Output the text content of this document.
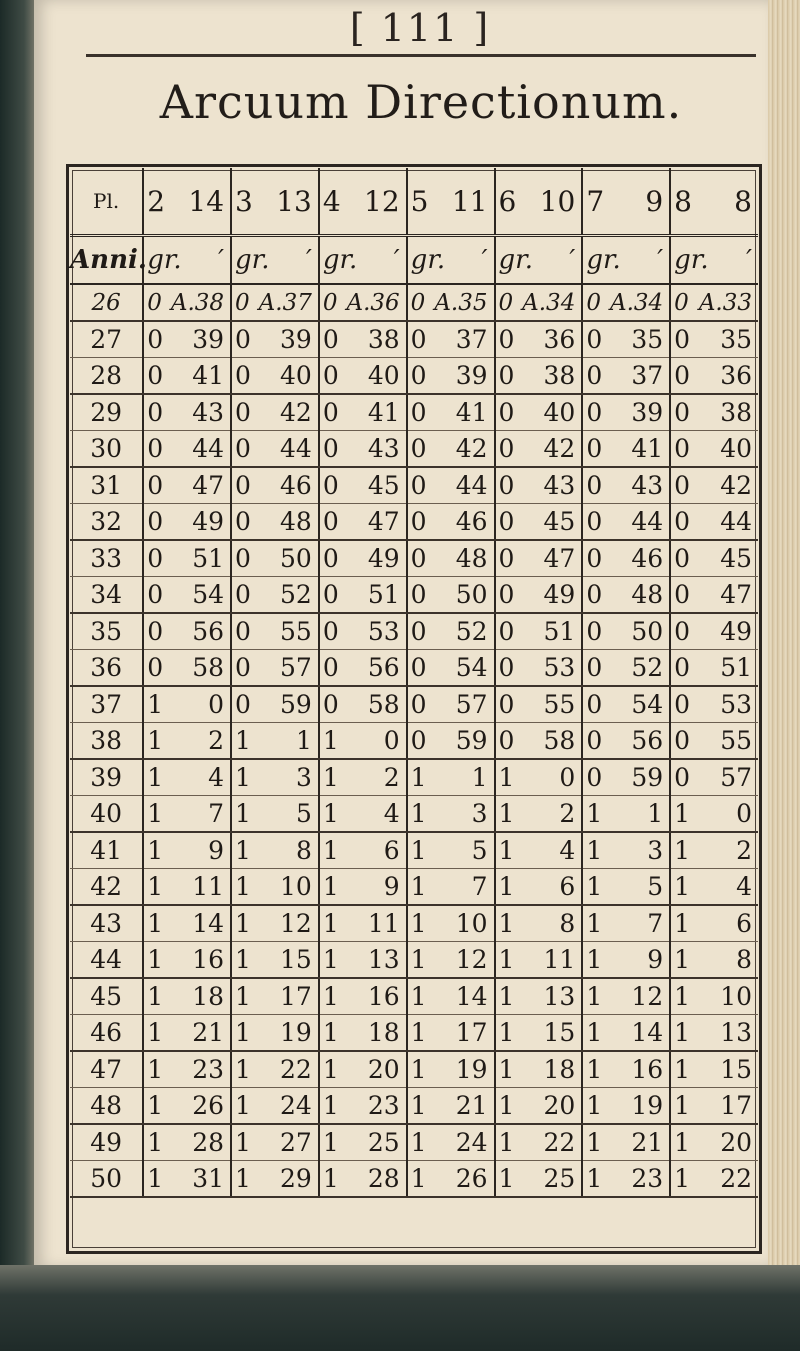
[ 111 ]
Arcuum Directionum.
Pl.	2	14	3	13	4	12	5	11	6	10	7	9	8	8
Anni.	gr.	′	gr.	′	gr.	′	gr.	′	gr.	′	gr.	′	gr.	′
26	0	A.38	0	A.37	0	A.36	0	A.35	0	A.34	0	A.34	0	A.33
27	0	39	0	39	0	38	0	37	0	36	0	35	0	35
28	0	41	0	40	0	40	0	39	0	38	0	37	0	36
29	0	43	0	42	0	41	0	41	0	40	0	39	0	38
30	0	44	0	44	0	43	0	42	0	42	0	41	0	40
31	0	47	0	46	0	45	0	44	0	43	0	43	0	42
32	0	49	0	48	0	47	0	46	0	45	0	44	0	44
33	0	51	0	50	0	49	0	48	0	47	0	46	0	45
34	0	54	0	52	0	51	0	50	0	49	0	48	0	47
35	0	56	0	55	0	53	0	52	0	51	0	50	0	49
36	0	58	0	57	0	56	0	54	0	53	0	52	0	51
37	1	0	0	59	0	58	0	57	0	55	0	54	0	53
38	1	2	1	1	1	0	0	59	0	58	0	56	0	55
39	1	4	1	3	1	2	1	1	1	0	0	59	0	57
40	1	7	1	5	1	4	1	3	1	2	1	1	1	0
41	1	9	1	8	1	6	1	5	1	4	1	3	1	2
42	1	11	1	10	1	9	1	7	1	6	1	5	1	4
43	1	14	1	12	1	11	1	10	1	8	1	7	1	6
44	1	16	1	15	1	13	1	12	1	11	1	9	1	8
45	1	18	1	17	1	16	1	14	1	13	1	12	1	10
46	1	21	1	19	1	18	1	17	1	15	1	14	1	13
47	1	23	1	22	1	20	1	19	1	18	1	16	1	15
48	1	26	1	24	1	23	1	21	1	20	1	19	1	17
49	1	28	1	27	1	25	1	24	1	22	1	21	1	20
50	1	31	1	29	1	28	1	26	1	25	1	23	1	22
